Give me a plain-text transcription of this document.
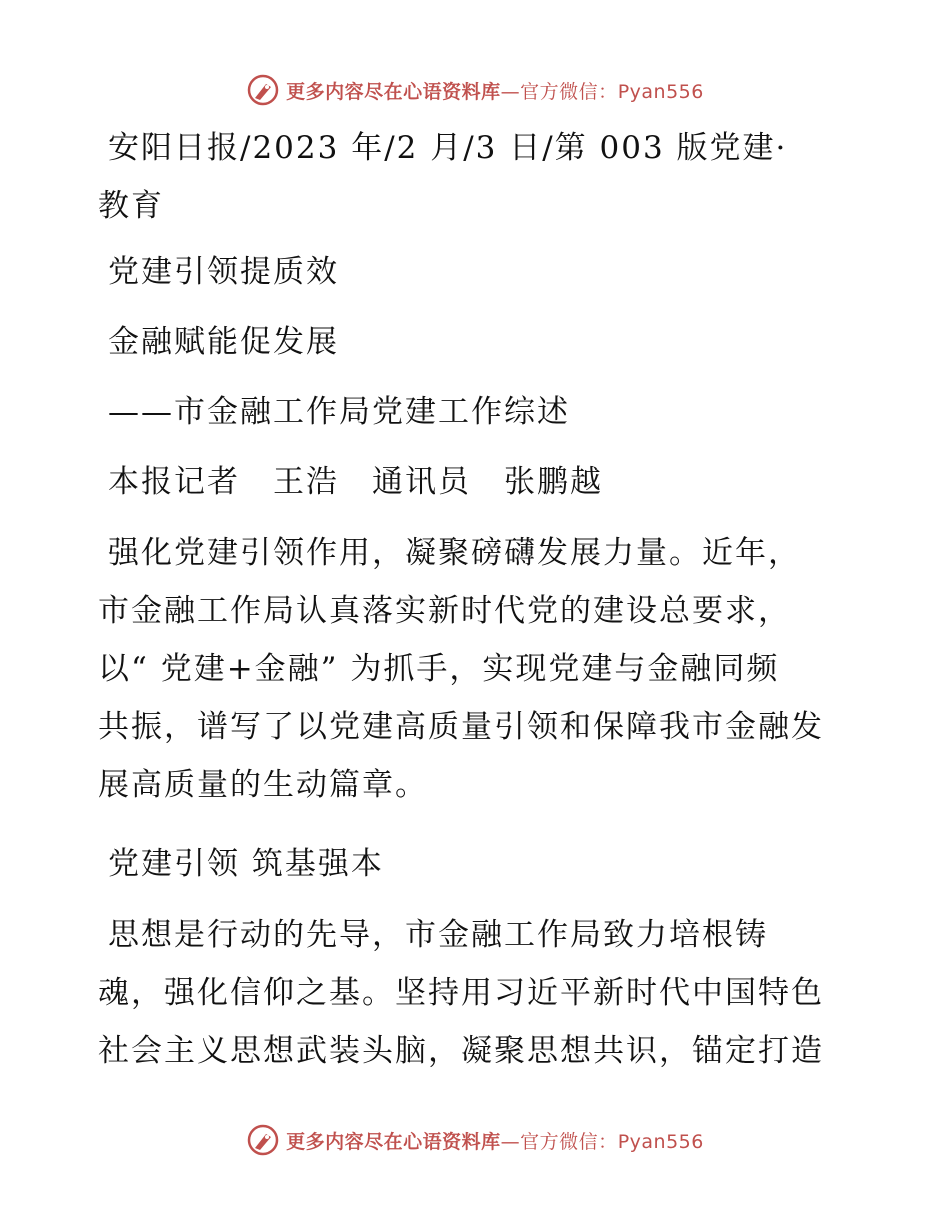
更多内容尽在心语资料库—官方微信：Pyan556

安阳日报/2023 年/2 月/3 日/第 003 版党建·

教育

党建引领提质效

金融赋能促发展

——市金融工作局党建工作综述

本报记者　王浩　通讯员　张鹏越

强化党建引领作用，凝聚磅礴发展力量。近年，

市金融工作局认真落实新时代党的建设总要求，

以“ 党建+金融” 为抓手，实现党建与金融同频

共振，谱写了以党建高质量引领和保障我市金融发

展高质量的生动篇章。

党建引领 筑基强本

思想是行动的先导，市金融工作局致力培根铸

魂，强化信仰之基。坚持用习近平新时代中国特色

社会主义思想武装头脑，凝聚思想共识，锚定打造

更多内容尽在心语资料库—官方微信：Pyan556
